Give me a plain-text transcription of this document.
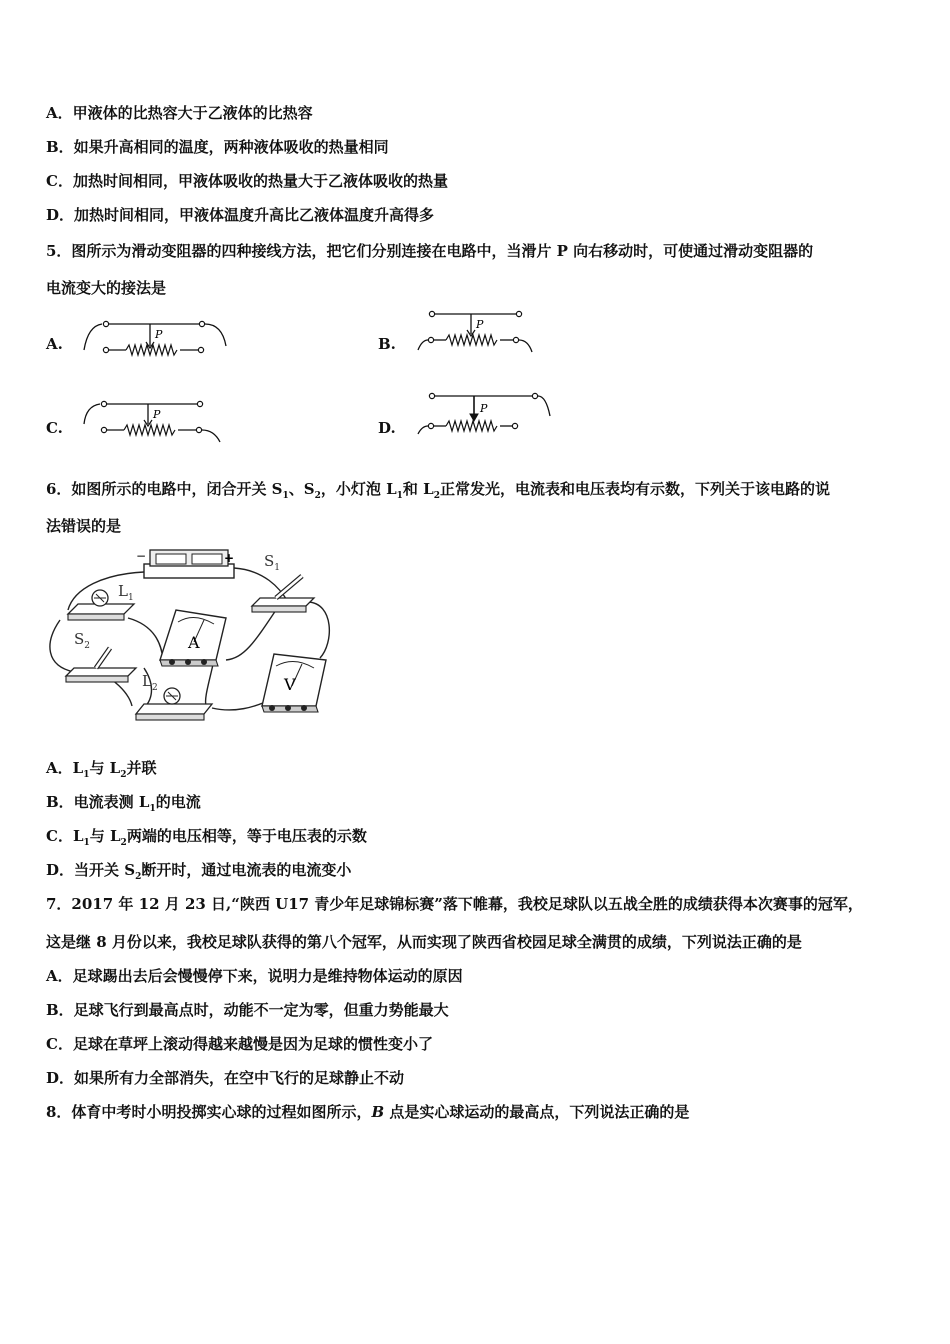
A．甲液体的比热容大于乙液体的比热容
B．如果升高相同的温度，两种液体吸收的热量相同
C．加热时间相同，甲液体吸收的热量大于乙液体吸收的热量
D．加热时间相同，甲液体温度升高比乙液体温度升高得多
5．图所示为滑动变阻器的四种接线方法，把它们分别连接在电路中，当滑片 P 向右移动时，可使通过滑动变阻器的
电流变大的接法是
A.	B.
C.	D.
P
P
P	P
6．如图所示的电路中，闭合开关 $S_1$、$S_2$，小灯泡 $L_1$和 $L_2$正常发光，电流表和电压表均有示数，下列关于该电路的说
法错误的是
−	+ $S_1$
$L_1$
A
$S_2$
$L_2$	V
A．$L_1$与 $L_2$并联
B．电流表测 $L_1$的电流
C．$L_1$与 $L_2$两端的电压相等，等于电压表的示数
D．当开关 $S_2$断开时，通过电流表的电流变小
7．2017 年 12 月 23 日,“陕西 U17 青少年足球锦标赛”落下帷幕，我校足球队以五战全胜的成绩获得本次赛事的冠军，
这是继 8 月份以来，我校足球队获得的第八个冠军，从而实现了陕西省校园足球全满贯的成绩，下列说法正确的是
A．足球踢出去后会慢慢停下来，说明力是维持物体运动的原因
B．足球飞行到最高点时，动能不一定为零，但重力势能最大
C．足球在草坪上滚动得越来越慢是因为足球的惯性变小了
D．如果所有力全部消失，在空中飞行的足球静止不动
8．体育中考时小明投掷实心球的过程如图所示，B 点是实心球运动的最高点，下列说法正确的是
